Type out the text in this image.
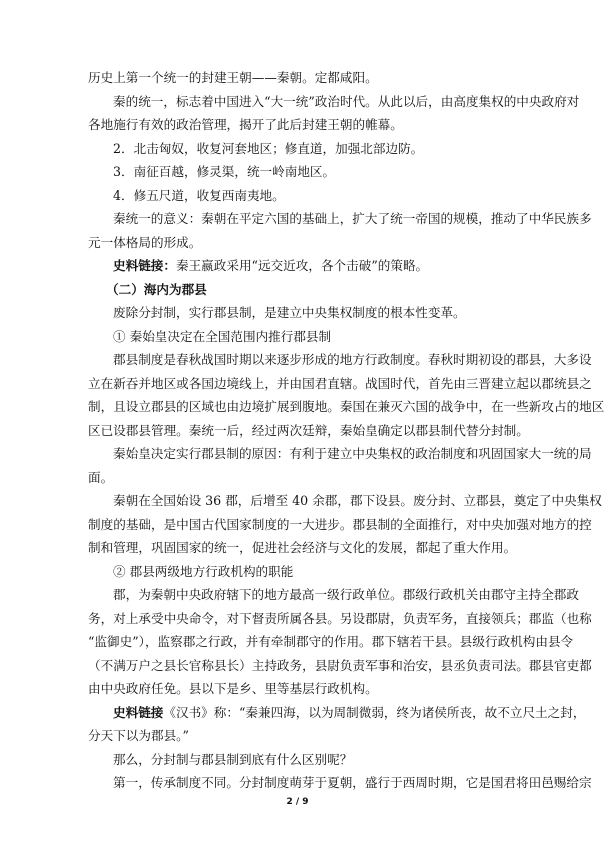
历史上第一个统一的封建王朝——秦朝。定都咸阳。
秦的统一，标志着中国进入“大一统”政治时代。从此以后，由高度集权的中央政府对
各地施行有效的政治管理，揭开了此后封建王朝的帷幕。
2．北击匈奴，收复河套地区；修直道，加强北部边防。
3．南征百越，修灵渠，统一岭南地区。
4．修五尺道，收复西南夷地。
秦统一的意义：秦朝在平定六国的基础上，扩大了统一帝国的规模，推动了中华民族多
元一体格局的形成。
史料链接：秦王嬴政采用“远交近攻，各个击破”的策略。
（二）海内为郡县
废除分封制，实行郡县制，是建立中央集权制度的根本性变革。
① 秦始皇决定在全国范围内推行郡县制
郡县制度是春秋战国时期以来逐步形成的地方行政制度。春秋时期初设的郡县，大多设
立在新吞并地区或各国边境线上，并由国君直辖。战国时代，首先由三晋建立起以郡统县之
制，且设立郡县的区域也由边境扩展到腹地。秦国在兼灭六国的战争中，在一些新攻占的地区
区已设郡县管理。秦统一后，经过两次廷辩，秦始皇确定以郡县制代替分封制。
秦始皇决定实行郡县制的原因：有利于建立中央集权的政治制度和巩固国家大一统的局
面。
秦朝在全国始设 36 郡，后增至 40 余郡，郡下设县。废分封、立郡县，奠定了中央集权
制度的基础，是中国古代国家制度的一大进步。郡县制的全面推行，对中央加强对地方的控
制和管理，巩固国家的统一，促进社会经济与文化的发展，都起了重大作用。
② 郡县两级地方行政机构的职能
郡，为秦朝中央政府辖下的地方最高一级行政单位。郡级行政机关由郡守主持全郡政
务，对上承受中央命令，对下督责所属各县。另设郡尉，负责军务，直接领兵；郡监（也称
“监御史”），监察郡之行政，并有牵制郡守的作用。郡下辖若干县。县级行政机构由县令
（不满万户之县长官称县长）主持政务，县尉负责军事和治安，县丞负责司法。郡县官吏都
由中央政府任免。县以下是乡、里等基层行政机构。
史料链接《汉书》称：“秦兼四海，以为周制微弱，终为诸侯所丧，故不立尺土之封，
分天下以为郡县。”
那么，分封制与郡县制到底有什么区别呢？
第一，传承制度不同。分封制度萌芽于夏朝，盛行于西周时期，它是国君将田邑赐给宗
2 / 9
